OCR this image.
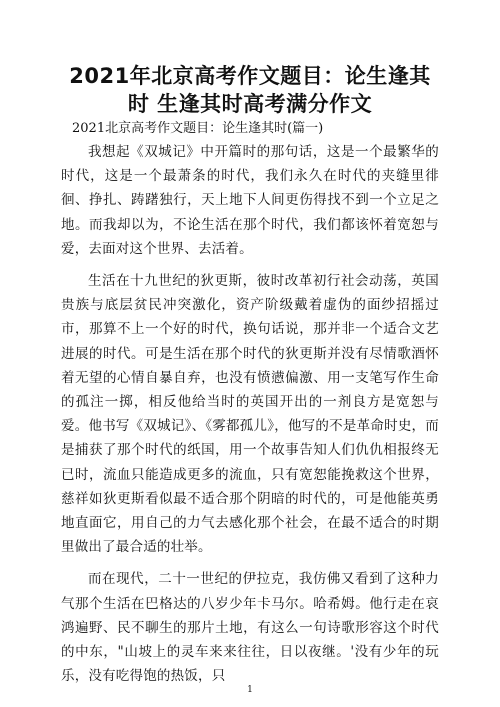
2021年北京高考作文题目：论生逢其时 生逢其时高考满分作文
2021北京高考作文题目：论生逢其时(篇一)

我想起《双城记》中开篇时的那句话，这是一个最繁华的时代，这是一个最萧条的时代，我们永久在时代的夹缝里徘徊、挣扎、踌躇独行，天上地下人间更伤得找不到一个立足之地。而我却以为，不论生活在那个时代，我们都该怀着宽恕与爱，去面对这个世界、去活着。

生活在十九世纪的狄更斯，彼时改革初行社会动荡，英国贵族与底层贫民冲突激化，资产阶级戴着虚伪的面纱招摇过市，那算不上一个好的时代，换句话说，那并非一个适合文艺进展的时代。可是生活在那个时代的狄更斯并没有尽情歌酒怀着无望的心情自暴自弃，也没有愤懑偏激、用一支笔写作生命的孤注一掷，相反他给当时的英国开出的一剂良方是宽恕与爱。他书写《双城记》、《雾都孤儿》，他写的不是革命时史，而是捕获了那个时代的纸国，用一个故事告知人们仇仇相报终无已时，流血只能造成更多的流血，只有宽恕能挽救这个世界，慈祥如狄更斯看似最不适合那个阴暗的时代的，可是他能英勇地直面它，用自己的力气去感化那个社会，在最不适合的时期里做出了最合适的壮举。

而在现代，二十一世纪的伊拉克，我仿佛又看到了这种力气那个生活在巴格达的八岁少年卡马尔。哈希姆。他行走在哀鸿遍野、民不聊生的那片土地，有这么一句诗歌形容这个时代的中东，"山坡上的灵车来来往往，日以夜继。'没有少年的玩乐，没有吃得饱的热饭，只

1
